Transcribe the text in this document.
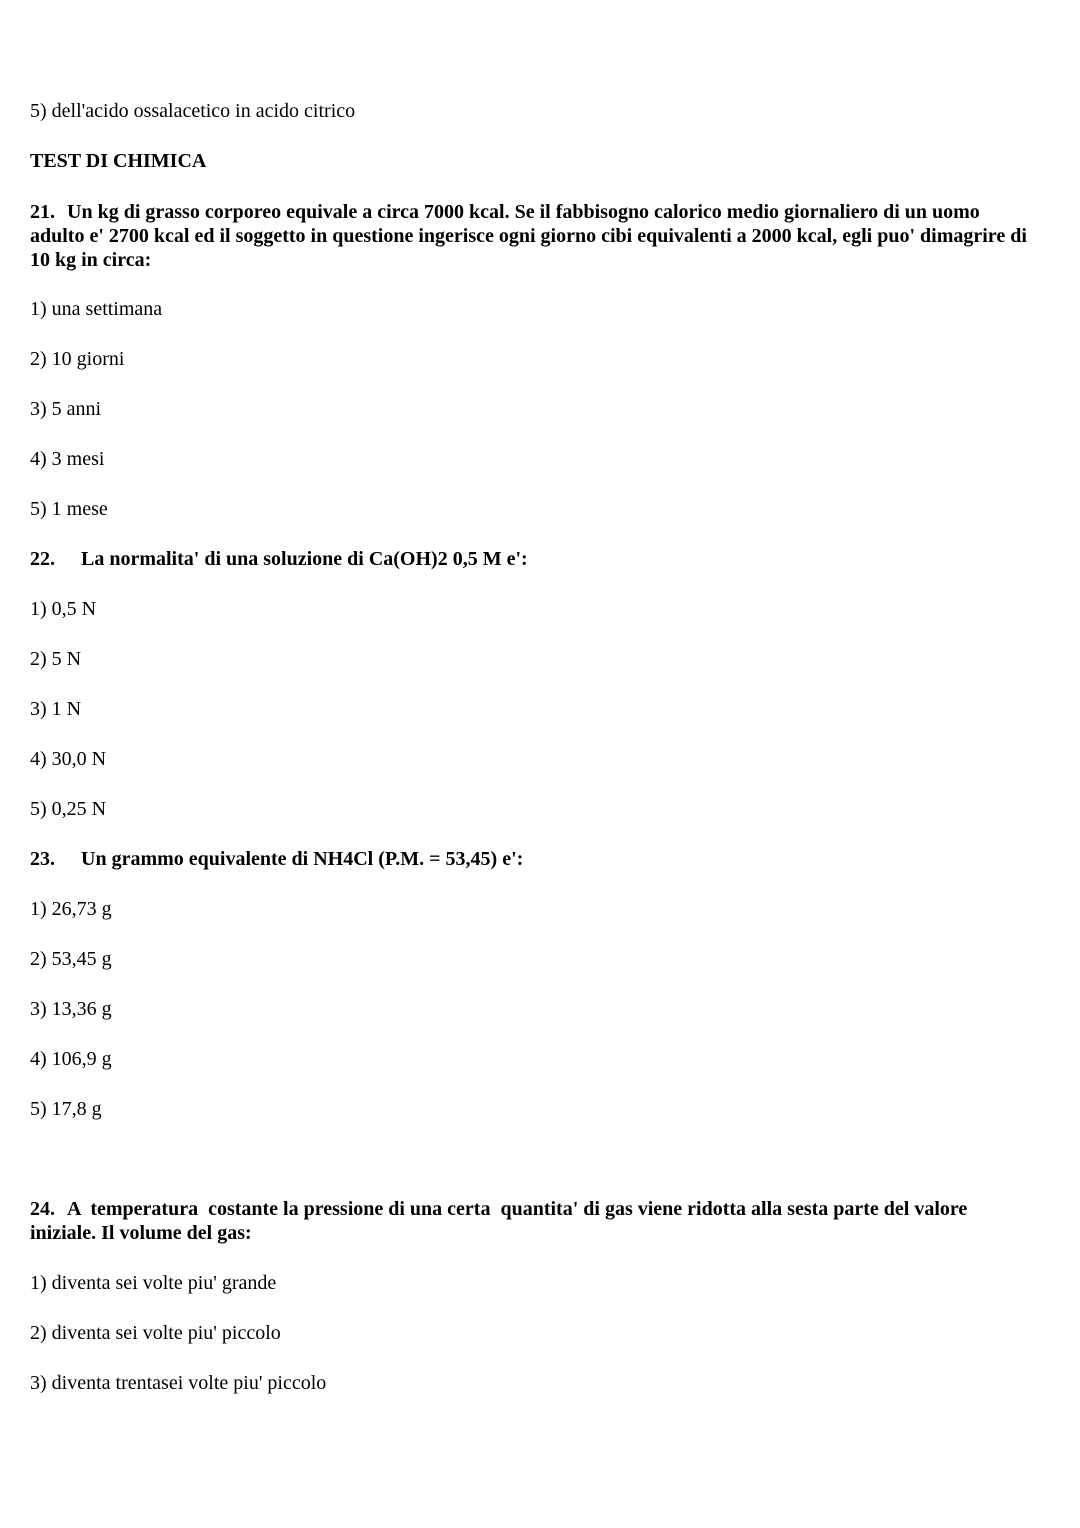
5) dell'acido ossalacetico in acido citrico
TEST DI CHIMICA
21. Un kg di grasso corporeo equivale a circa 7000 kcal. Se il fabbisogno calorico medio giornaliero di un uomo adulto e' 2700 kcal ed il soggetto in questione ingerisce ogni giorno cibi equivalenti a 2000 kcal, egli puo' dimagrire di 10 kg in circa:
1) una settimana
2) 10 giorni
3) 5 anni
4) 3 mesi
5) 1 mese
22. La normalita' di una soluzione di Ca(OH)2 0,5 M e':
1) 0,5 N
2) 5 N
3) 1 N
4) 30,0 N
5) 0,25 N
23. Un grammo equivalente di NH4Cl (P.M. = 53,45) e':
1) 26,73 g
2) 53,45 g
3) 13,36 g
4) 106,9 g
5) 17,8 g
24. A  temperatura  costante la pressione di una certa  quantita' di gas viene ridotta alla sesta parte del valore iniziale. Il volume del gas:
1) diventa sei volte piu' grande
2) diventa sei volte piu' piccolo
3) diventa trentasei volte piu' piccolo
